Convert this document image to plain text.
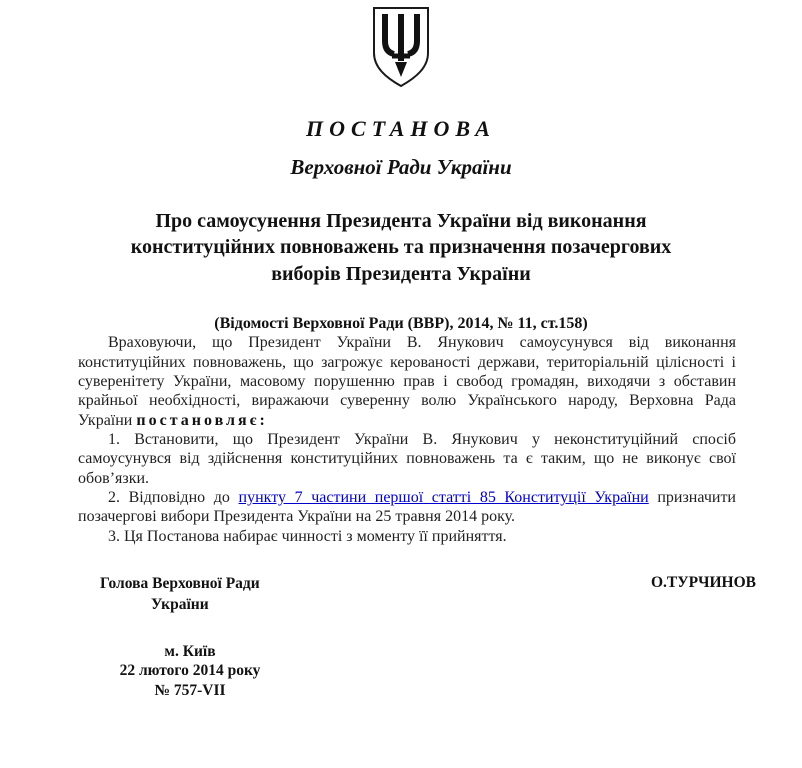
ПОСТАНОВА
Верховної Ради України
Про самоусунення Президента України від виконання
конституційних повноважень та призначення позачергових
виборів Президента України
(Відомості Верховної Ради (ВВР), 2014, № 11, ст.158)

Враховуючи, що Президент України В. Янукович самоусунувся від виконання конституційних повноважень, що загрожує керованості держави, територіальній цілісності і суверенітету України, масовому порушенню прав і свобод громадян, виходячи з обставин крайньої необхідності, виражаючи суверенну волю Українського народу, Верховна Рада України постановляє:

1. Встановити, що Президент України В. Янукович у неконституційний спосіб самоусунувся від здійснення конституційних повноважень та є таким, що не виконує свої обов’язки.

2. Відповідно до пункту 7 частини першої статті 85 Конституції України призначити позачергові вибори Президента України на 25 травня 2014 року.

3. Ця Постанова набирає чинності з моменту її прийняття.

Голова Верховної Ради
України
О.ТУРЧИНОВ
м. Київ
22 лютого 2014 року
№ 757-VII
